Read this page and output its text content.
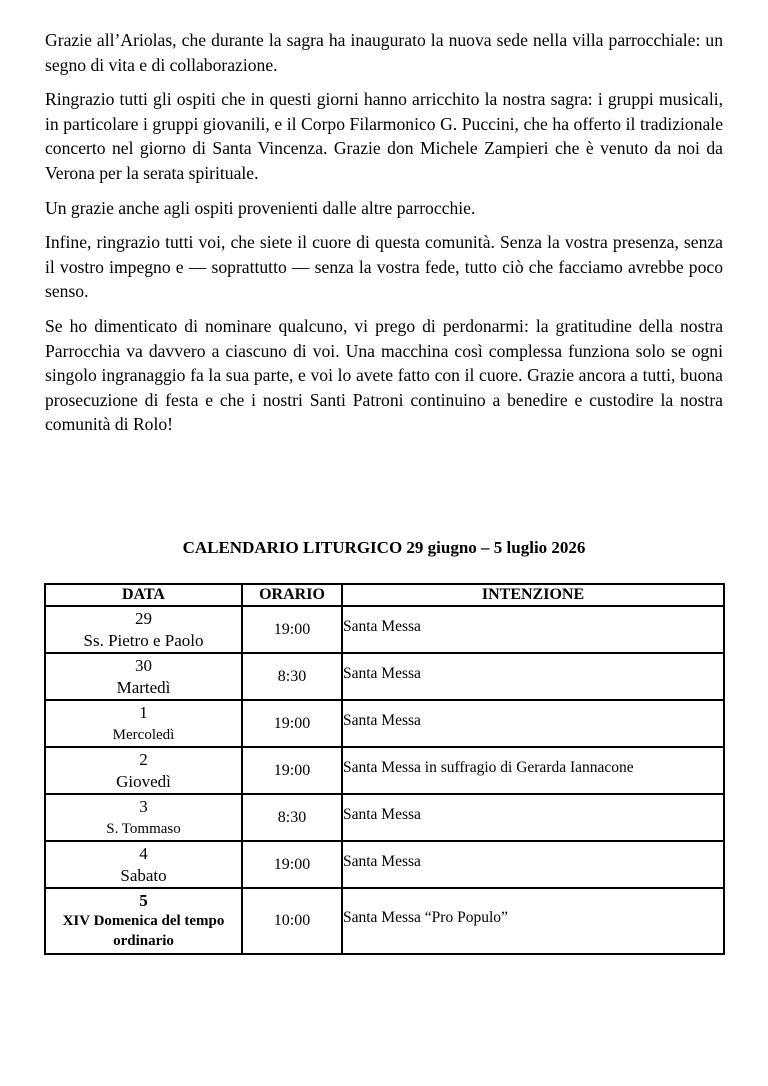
Grazie all’Ariolas, che durante la sagra ha inaugurato la nuova sede nella villa parrocchiale: un segno di vita e di collaborazione.

Ringrazio tutti gli ospiti che in questi giorni hanno arricchito la nostra sagra: i gruppi musicali, in particolare i gruppi giovanili, e il Corpo Filarmonico G. Puccini, che ha offerto il tradizionale concerto nel giorno di Santa Vincenza. Grazie don Michele Zampieri che è venuto da noi da Verona per la serata spirituale.

Un grazie anche agli ospiti provenienti dalle altre parrocchie.

Infine, ringrazio tutti voi, che siete il cuore di questa comunità. Senza la vostra presenza, senza il vostro impegno e — soprattutto — senza la vostra fede, tutto ciò che facciamo avrebbe poco senso.

Se ho dimenticato di nominare qualcuno, vi prego di perdonarmi: la gratitudine della nostra Parrocchia va davvero a ciascuno di voi. Una macchina così complessa funziona solo se ogni singolo ingranaggio fa la sua parte, e voi lo avete fatto con il cuore. Grazie ancora a tutti, buona prosecuzione di festa e che i nostri Santi Patroni continuino a benedire e custodire la nostra comunità di Rolo!

CALENDARIO LITURGICO 29 giugno – 5 luglio 2026
DATA	ORARIO	INTENZIONE

29
Ss. Pietro e Paolo	19:00	Santa Messa

30
Martedì	8:30	Santa Messa

1
Mercoledì	19:00	Santa Messa

2
Giovedì	19:00	Santa Messa in suffragio di Gerarda Iannacone

3
S. Tommaso	8:30	Santa Messa

4
Sabato	19:00	Santa Messa

5
XIV Domenica del tempo ordinario	10:00	Santa Messa “Pro Populo”
